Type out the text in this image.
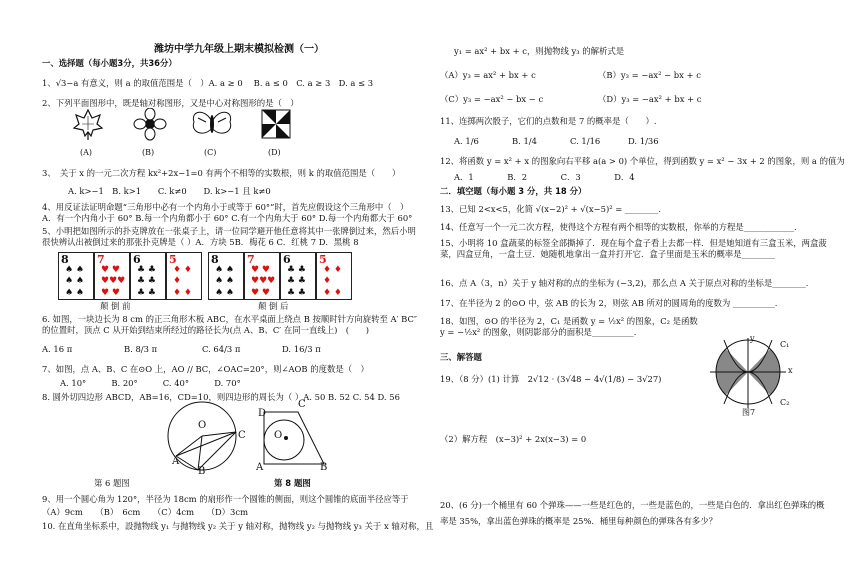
潍坊中学九年级上期末模拟检测（一）
一、选择题（每小题3分，共36分）
1、√3−a 有意义，则 a 的取值范围是（　）A. a ≥ 0　 B. a ≤ 0　C. a ≥ 3　D. a ≤ 3
2、下列平面图形中，既是轴对称图形，又是中心对称图形的是（　）
(A)	(B)	(C)	(D)
3、　关于 x 的一元二次方程 kx²+2x−1=0 有两个不相等的实数根，则 k 的取值范围是（　　）
A. k>−1　B. k>1　　C. k≠0　　D. k>−1 且 k≠0
4、用反证法证明命题“三角形中必有一个内角小于或等于 60°”时，首先应假设这个三角形中（　）A．有一个内角小于 60° B.每一个内角都小于 60° C.有一个内角大于 60° D.每一个内角都大于 60°
5、小明把如图所示的扑克牌放在一张桌子上，请一位同学避开他任意将其中一张牌倒过来，然后小明很快辨认出被倒过来的那张扑克牌是（ ）A．方块 5B．梅花 6 C．红桃 7 D．黑桃 8
8
♠ ♠
♠ ♠
♠ ♠
7
♥ ♥
♥♥♥
♥ ♥
6
♣ ♣
♣ ♣
♣ ♣
5
♦ ♦
♦
♦ ♦
8
♠ ♠
♠ ♠
♠ ♠
7
♥ ♥
♥♥♥
♥ ♥
6
♣ ♣
♣ ♣
♣ ♣
5
♦ ♦
♦
♦ ♦
颠 倒 前	颠 倒 后
6. 如图，一块边长为 8 cm 的正三角形木板 ABC，在水平桌面上绕点 B 按顺时针方向旋转至 A′ BC″ 的位置时，顶点 C 从开始到结束所经过的路径长为(点 A、B、C′ 在同一直线上)　(　　)
A. 16 π	B. 8/3 π	C. 64/3 π	D. 16/3 π
7、如图，点 A、B、C 在⊙O 上，AO // BC，∠OAC=20°，则∠AOB 的度数是（　）
A. 10°　　　B. 20°　　　C. 40°　　　D. 70°
8. 圆外切四边形 ABCD，AB=16，CD=10，则四边形的周长为（ ）A. 50 B. 52 C. 54 D. 56
O
A
B
C
D
C
O
A	B
第 6 题图	第 8 题图
9、用一个圆心角为 120°，半径为 18cm 的扇形作一个圆锥的侧面，则这个圆锥的底面半径应等于
（A）9cm　　（B）　6cm　　（C）4cm　　（D）3cm
10. 在直角坐标系中，設抛物线 y₁ 与抛物线 y₂ 关于 y 轴对称，抛物线 y₂ 与抛物线 y₃ 关于 x 轴对称，且
y₁ = ax² + bx + c，则抛物线 y₃ 的解析式是
（A）y₃ = ax² + bx + c	（B）y₃ = −ax² − bx + c
（C）y₃ = −ax² − bx − c	（D）y₃ = −ax² + bx + c
11、连掷两次骰子，它们的点数和是 7 的概率是（　　）.
A. 1/6	B. 1/4	C. 1/16	D. 1/36
12、将函数 y = x² + x 的图象向右平移 a(a > 0) 个单位，得到函数 y = x² − 3x + 2 的图象，则 a 的值为
A．1　　　　B．2　　　　C．3　　　　D．4
二．填空题（每小题 3 分，共 18 分）
13、已知 2<x<5，化简 √(x−2)² + √(x−5)² = ________.
14、任意写一个一元二次方程，使得这个方程有两个相等的实数根，你举的方程是____________.
15、小明将 10 盒蔬菜的标签全部撕掉了．现在每个盒子看上去都一样．但是她知道有三盒玉米，两盒菠菜，四盒豆角，一盒土豆．她随机地拿出一盒并打开它．盒子里面是玉米的概率是________
16、点 A（3，n）关于 y 轴对称的点的坐标为 (−3,2)，那么点 A 关于原点对称的坐标是________.
17、在半径为 2 的⊙O 中，弦 AB 的长为 2，则弦 AB 所对的圆周角的度数为 __________.
18、如图，⊙O 的半径为 2，C₁ 是函数 y = ½x² 的图象，C₂ 是函数 y = −½x² 的图象，则阴影部分的面积是__________.
三、解答题
C₁
C₂
x
y
图7
19、（8 分）(1) 计算　2√12 · (3√48 − 4√(1/8) − 3√27)
（2）解方程　(x−3)² + 2x(x−3) = 0
20、(6 分)一个桶里有 60 个弹珠——一些是红色的，一些是蓝色的，一些是白色的．拿出红色弹珠的概率是 35%，拿出蓝色弹珠的概率是 25%．桶里每种颜色的弹珠各有多少？
